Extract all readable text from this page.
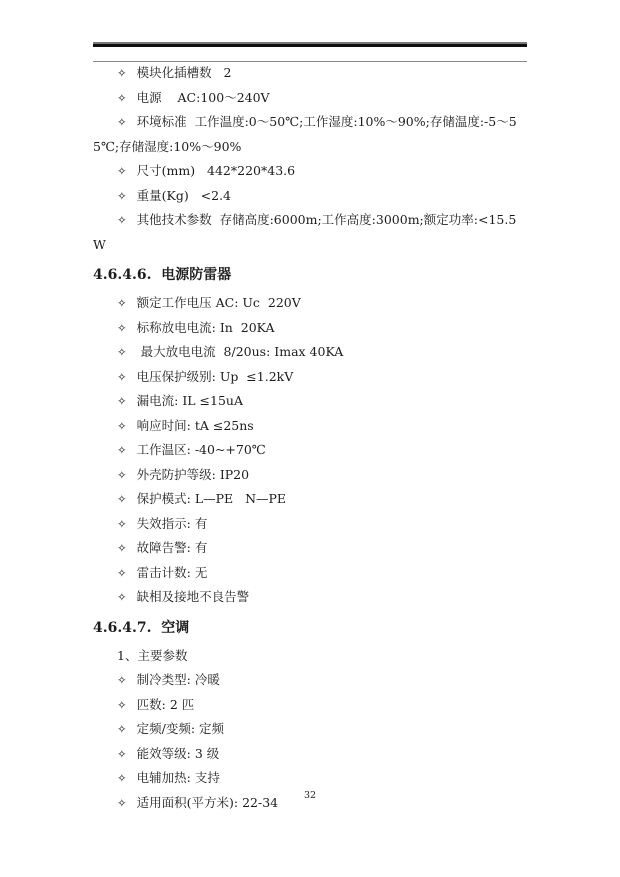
✧ 模块化插槽数   2

✧ 电源    AC:100～240V

✧ 环境标准  工作温度:0～50℃;工作湿度:10%～90%;存储温度:-5～55℃;存储湿度:10%～90%

✧ 尺寸(mm)   442*220*43.6

✧ 重量(Kg)   <2.4

✧ 其他技术参数  存储高度:6000m;工作高度:3000m;额定功率:<15.5W

4.6.4.6.  电源防雷器

✧ 额定工作电压 AC: Uc  220V

✧ 标称放电电流: In  20KA

✧ 最大放电电流  8/20us: Imax 40KA

✧ 电压保护级别: Up  ≤1.2kV

✧ 漏电流: IL ≤15uA

✧ 响应时间: tA ≤25ns

✧ 工作温区: -40~+70℃

✧ 外壳防护等级: IP20

✧ 保护模式: L—PE   N—PE

✧ 失效指示: 有

✧ 故障告警: 有

✧ 雷击计数: 无

✧ 缺相及接地不良告警

4.6.4.7.  空调

1、主要参数

✧ 制冷类型: 冷暖

✧ 匹数: 2 匹

✧ 定频/变频: 定频

✧ 能效等级: 3 级

✧ 电辅加热: 支持

✧ 适用面积(平方米): 22-34	32
